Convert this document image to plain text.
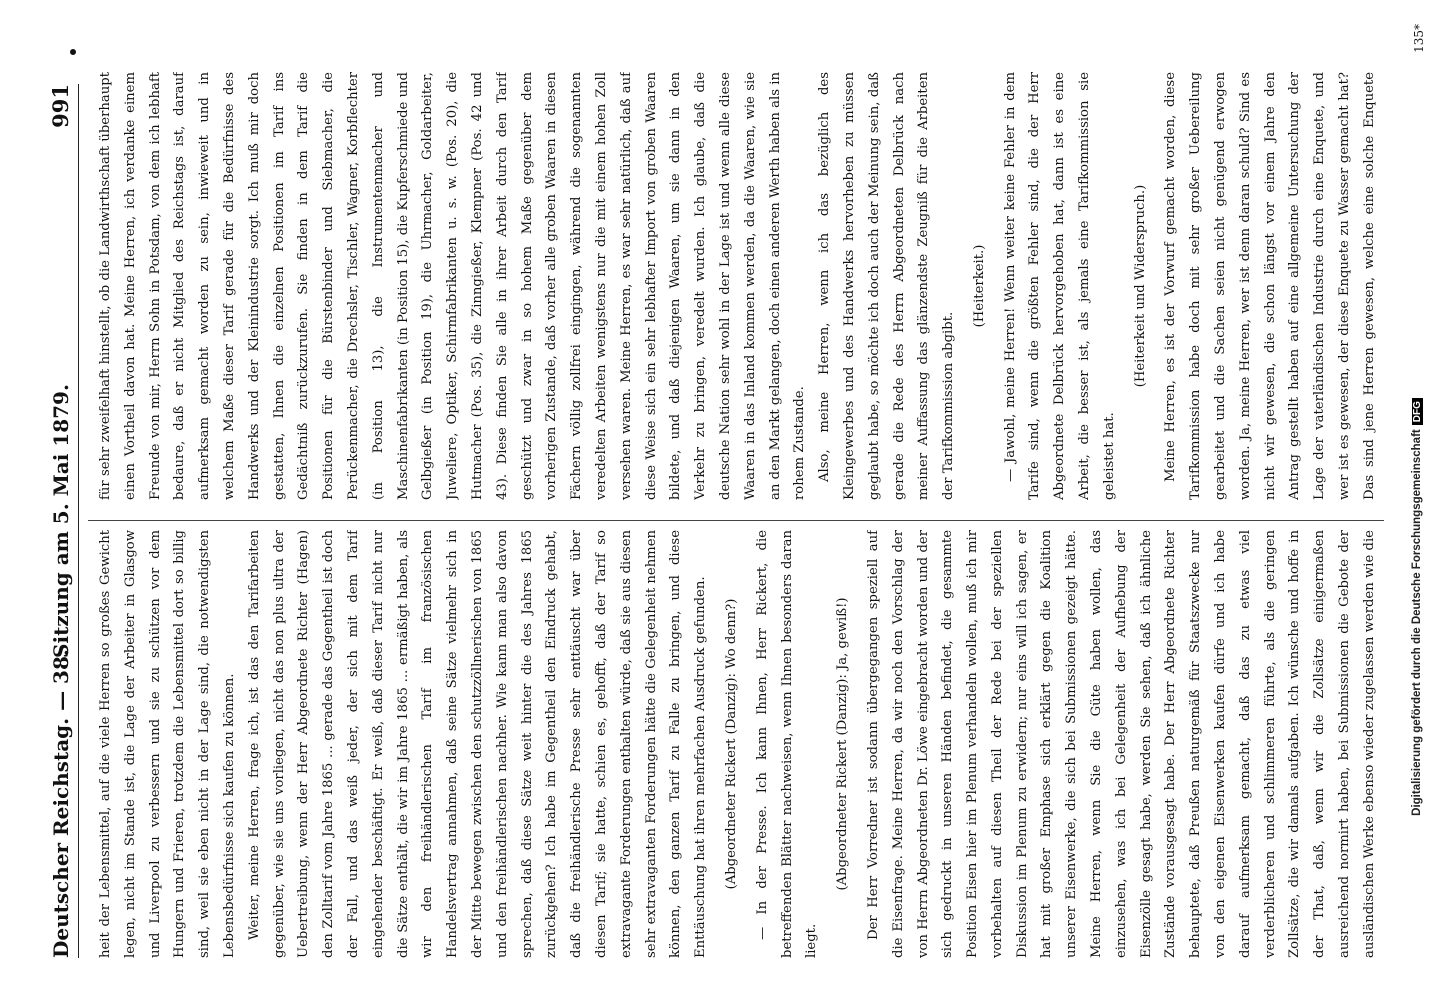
Deutscher Reichstag. — 38.
Sitzung am 5. Mai 1879.
991

heit der Lebensmittel, auf die viele Herren so großes Gewicht legen, nicht im Stande ist, die Lage der Arbeiter in Glasgow und Liverpool zu verbessern und sie zu schützen vor dem Hungern und Frieren, trotzdem die Lebensmittel dort so billig sind, weil sie eben nicht in der Lage sind, die notwendigsten Lebensbedürfnisse sich kaufen zu können. Weiter, meine Herren, frage ich, ist das den Tarifarbeiten gegenüber, wie sie uns vorliegen, nicht das non plus ultra der Uebertreibung, wenn der Herr Abgeordnete Richter (Hagen) den Zolltarif vom Jahre 1865 ... gerade das Gegentheil ist doch der Fall, und das weiß jeder, der sich mit dem Tarif eingehender beschäftigt. Er weiß, daß dieser Tarif nicht nur die Sätze enthält, die wir im Jahre 1865 ... ermäßigt haben, als wir den freihändlerischen Tarif im französischen Handelsvertrag annahmen, daß seine Sätze vielmehr sich in der Mitte bewegen zwischen den schutzzöllnerischen von 1865 und den freihändlerischen nachher. Wie kann man also davon sprechen, daß diese Sätze weit hinter die des Jahres 1865 zurückgehen? Ich habe im Gegentheil den Eindruck gehabt, daß die freihändlerische Presse sehr enttäuscht war über diesen Tarif; sie hatte, schien es, gehofft, daß der Tarif so extravagante Forderungen enthalten würde, daß sie aus diesen sehr extravaganten Forderungen hätte die Gelegenheit nehmen können, den ganzen Tarif zu Falle zu bringen, und diese Enttäuschung hat ihren mehrfachen Ausdruck gefunden.	(Abgeordneter Rickert (Danzig): Wo denn?)	— In der Presse. Ich kann Ihnen, Herr Rickert, die betreffenden Blätter nachweisen, wenn Ihnen besonders daran liegt.

(Abgeordneter Rickert (Danzig): Ja, gewiß!)

Der Herr Vorredner ist sodann übergegangen speziell auf die Eisenfrage. Meine Herren, da wir noch den Vorschlag der von Herrn Abgeordneten Dr. Löwe eingebracht worden und der sich gedruckt in unseren Händen befindet, die gesammte Position Eisen hier im Plenum verhandeln wollen, muß ich mir vorbehalten auf diesen Theil der Rede bei der speziellen Diskussion im Plenum zu erwidern; nur eins will ich sagen, er hat mit großer Emphase sich erklärt gegen die Koalition unserer Eisenwerke, die sich bei Submissionen gezeigt hätte. Meine Herren, wenn Sie die Güte haben wollen, das einzusehen, was ich bei Gelegenheit der Aufhebung der Eisenzölle gesagt habe, werden Sie sehen, daß ich ähnliche Zustände vorausgesagt habe. Der Herr Abgeordnete Richter behauptete, daß Preußen naturgemäß für Staatszwecke nur von den eigenen Eisenwerken kaufen dürfe und ich habe darauf aufmerksam gemacht, daß das zu etwas viel verderblicheren und schlimmeren führte, als die geringen Zollsätze, die wir damals aufgaben. Ich wünsche und hoffe in der That, daß, wenn wir die Zollsätze einigermaßen ausreichend normirt haben, bei Submissionen die Gebote der ausländischen Werke ebenso wieder zugelassen werden wie die

für sehr zweifelhaft hinstellt, ob die Landwirthschaft überhaupt einen Vortheil davon hat. Meine Herren, ich verdanke einem Freunde von mir, Herrn Sohn in Potsdam, von dem ich lebhaft bedaure, daß er nicht Mitglied des Reichstags ist, darauf aufmerksam gemacht worden zu sein, inwieweit und in welchem Maße dieser Tarif gerade für die Bedürfnisse des Handwerks und der Kleinindustrie sorgt. Ich muß mir doch gestatten, Ihnen die einzelnen Positionen im Tarif ins Gedächtniß zurückzurufen. Sie finden in dem Tarif die Positionen für die Bürstenbinder und Siebmacher, die Perückenmacher, die Drechsler, Tischler, Wagner, Korbflechter (in Position 13), die Instrumentenmacher und Maschinenfabrikanten (in Position 15), die Kupferschmiede und Gelbgießer (in Position 19), die Uhrmacher, Goldarbeiter, Juweliere, Optiker, Schirmfabrikanten u. s. w. (Pos. 20), die Hutmacher (Pos. 35), die Zinngießer, Klempner (Pos. 42 und 43). Diese finden Sie alle in ihrer Arbeit durch den Tarif geschützt und zwar in so hohem Maße gegenüber dem vorherigen Zustande, daß vorher alle groben Waaren in diesen Fächern völlig zollfrei eingingen, während die sogenannten veredelten Arbeiten wenigstens nur die mit einem hohen Zoll versehen waren. Meine Herren, es war sehr natürlich, daß auf diese Weise sich ein sehr lebhafter Import von groben Waaren bildete, und daß diejenigen Waaren, um sie dann in den Verkehr zu bringen, veredelt wurden. Ich glaube, daß die deutsche Nation sehr wohl in der Lage ist und wenn alle diese Waaren in das Inland kommen werden, da die Waaren, wie sie an den Markt gelangen, doch einen anderen Werth haben als in rohem Zustande. Also, meine Herren, wenn ich das bezüglich des Kleingewerbes und des Handwerks hervorheben zu müssen geglaubt habe, so möchte ich doch auch der Meinung sein, daß gerade die Rede des Herrn Abgeordneten Delbrück nach meiner Auffassung das glänzendste Zeugniß für die Arbeiten der Tarifkommission abgibt.

(Heiterkeit.)	— Jawohl, meine Herren! Wenn weiter keine Fehler in dem Tarife sind, wenn die größten Fehler sind, die der Herr Abgeordnete Delbrück hervorgehoben hat, dann ist es eine Arbeit, die besser ist, als jemals eine Tarifkommission sie geleistet hat.

(Heiterkeit und Widerspruch.)

Meine Herren, es ist der Vorwurf gemacht worden, diese Tarifkommission habe doch mit sehr großer Uebereilung gearbeitet und die Sachen seien nicht genügend erwogen worden. Ja, meine Herren, wer ist denn daran schuld? Sind es nicht wir gewesen, die schon längst vor einem Jahre den Antrag gestellt haben auf eine allgemeine Untersuchung der Lage der vaterländischen Industrie durch eine Enquete, und wer ist es gewesen, der diese Enquete zu Wasser gemacht hat? Das sind jene Herren gewesen, welche eine solche Enquete

135*
Digitalisierung gefördert durch die Deutsche ForschungsgemeinschaftDFG
